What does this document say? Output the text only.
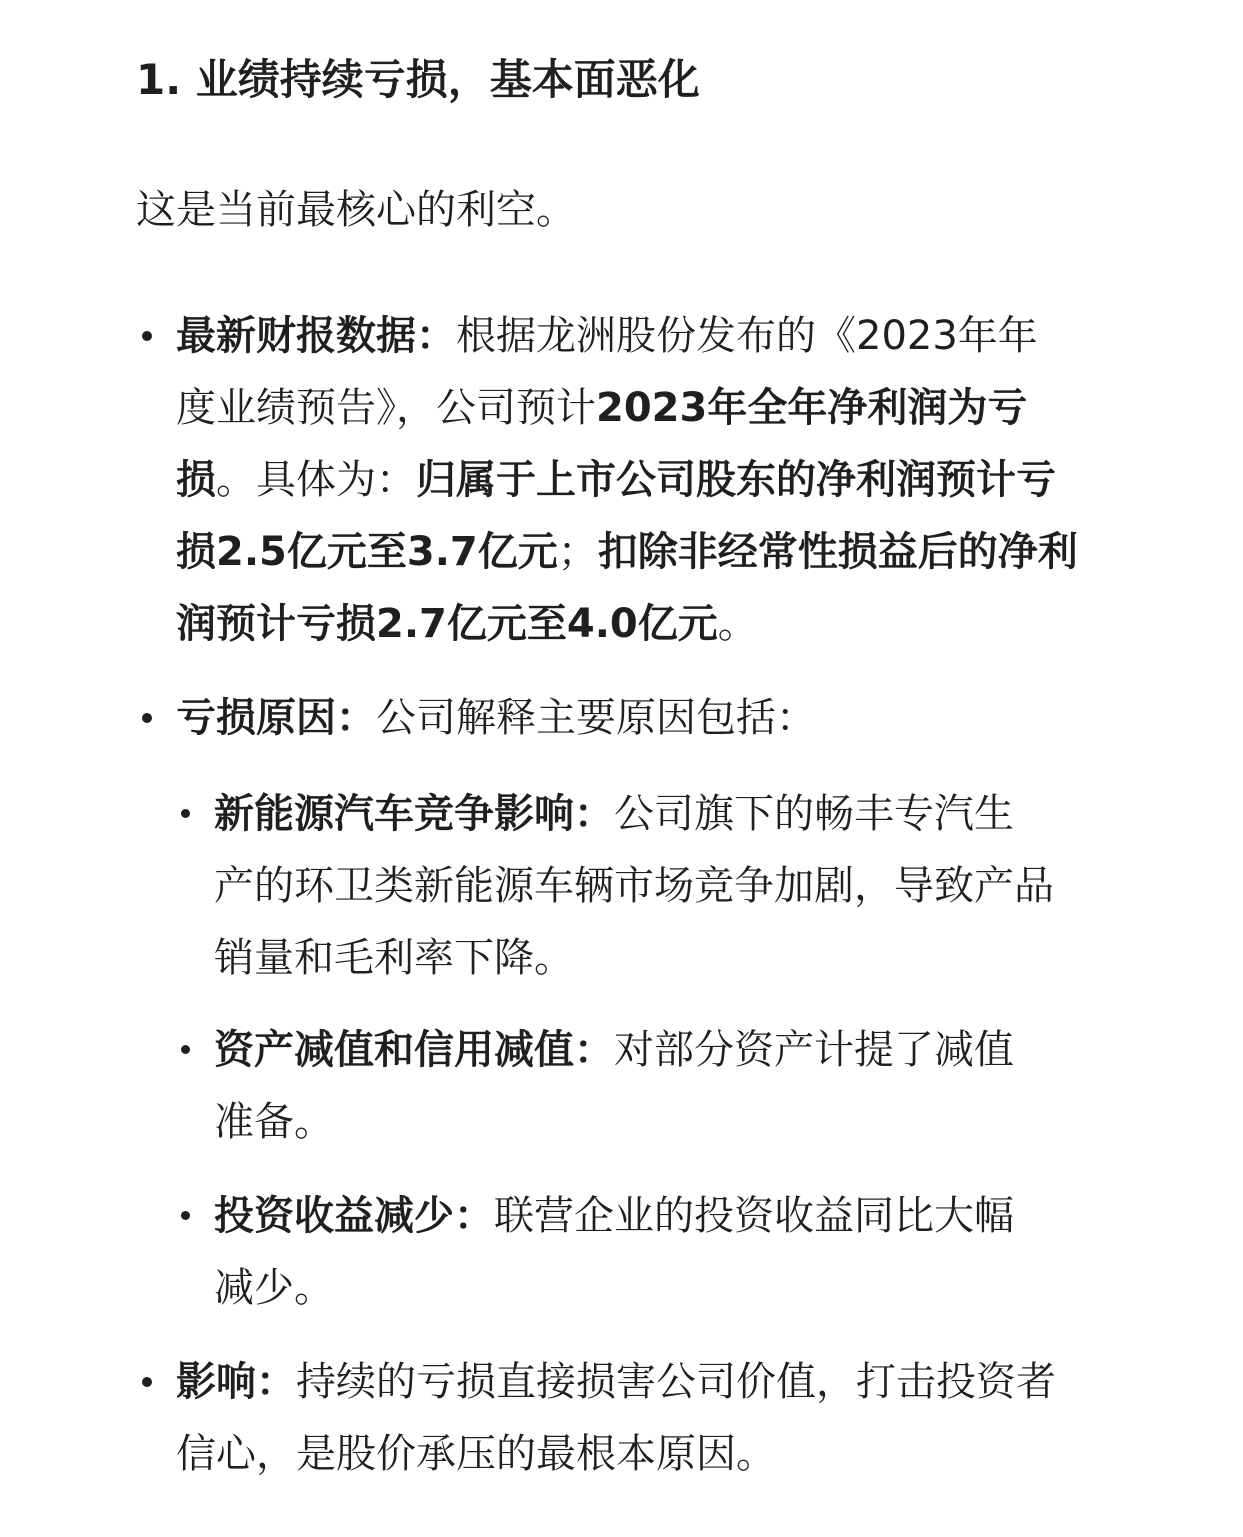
1. 业绩持续亏损，基本面恶化

这是当前最核心的利空。

最新财报数据：根据龙洲股份发布的《2023年年
度业绩预告》，公司预计2023年全年净利润为亏
损。具体为：归属于上市公司股东的净利润预计亏
损2.5亿元至3.7亿元；扣除非经常性损益后的净利
润预计亏损2.7亿元至4.0亿元。
亏损原因：公司解释主要原因包括：
新能源汽车竞争影响：公司旗下的畅丰专汽生
产的环卫类新能源车辆市场竞争加剧，导致产品
销量和毛利率下降。
资产减值和信用减值：对部分资产计提了减值
准备。
投资收益减少：联营企业的投资收益同比大幅
减少。
影响：持续的亏损直接损害公司价值，打击投资者
信心，是股价承压的最根本原因。
